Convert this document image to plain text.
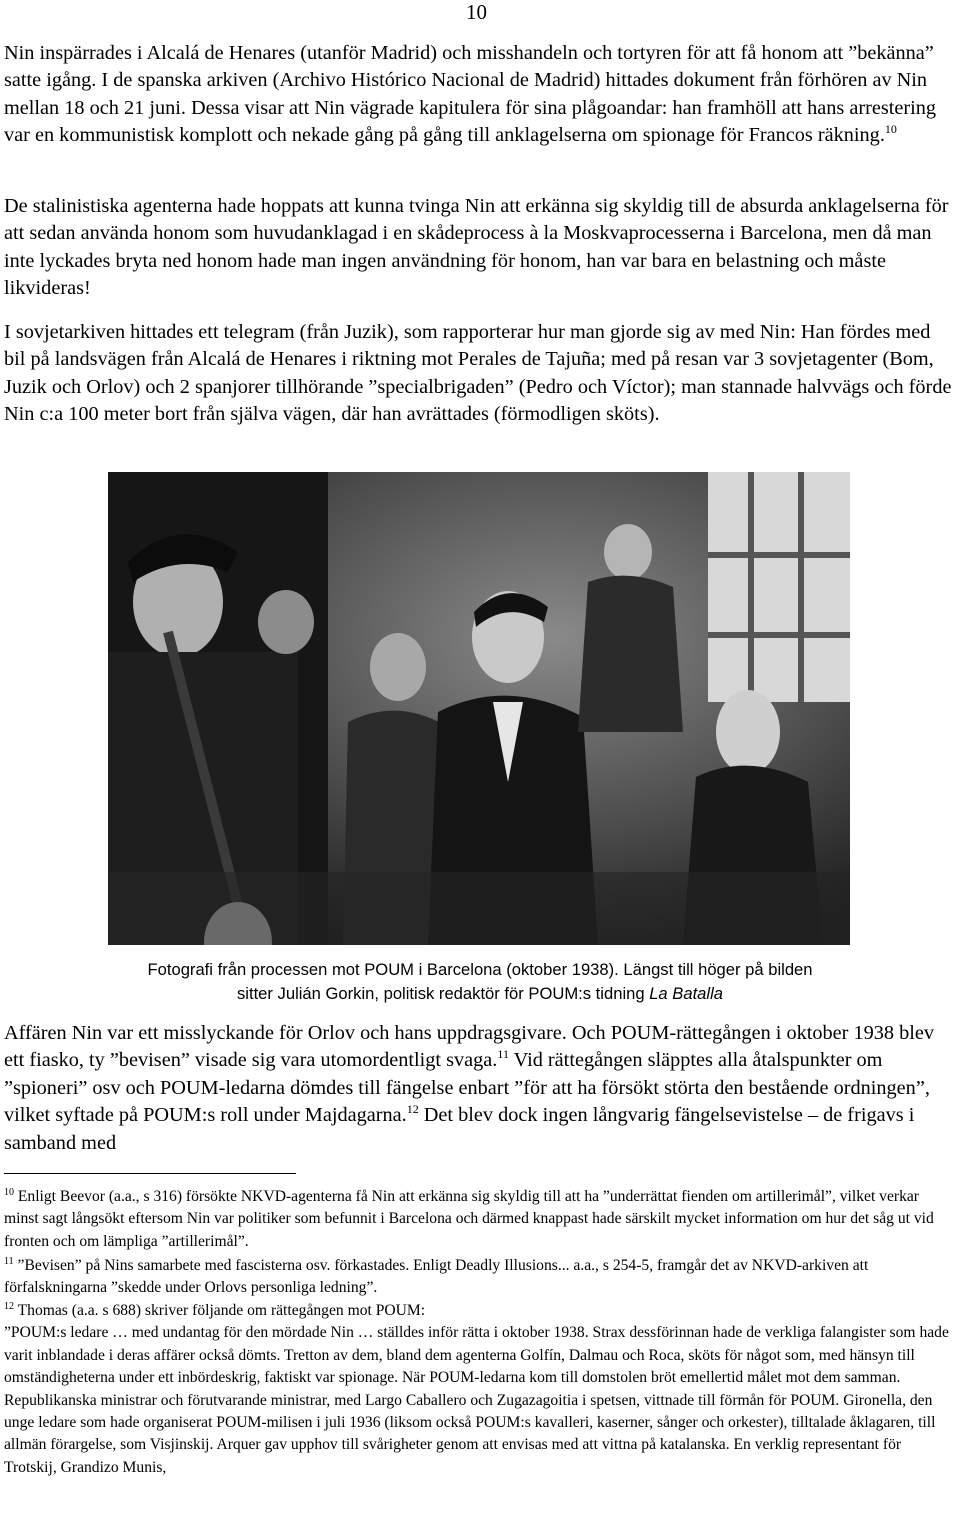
10

Nin inspärrades i Alcalá de Henares (utanför Madrid) och misshandeln och tortyren för att få honom att ”bekänna” satte igång. I de spanska arkiven (Archivo Histórico Nacional de Madrid) hittades dokument från förhören av Nin mellan 18 och 21 juni. Dessa visar att Nin vägrade kapitulera för sina plågoandar: han framhöll att hans arrestering var en kommunistisk komplott och nekade gång på gång till anklagelserna om spionage för Francos räkning.$^{10}$

De stalinistiska agenterna hade hoppats att kunna tvinga Nin att erkänna sig skyldig till de absurda anklagelserna för att sedan använda honom som huvudanklagad i en skådeprocess à la Moskvaprocesserna i Barcelona, men då man inte lyckades bryta ned honom hade man ingen användning för honom, han var bara en belastning och måste likvideras!

I sovjetarkiven hittades ett telegram (från Juzik), som rapporterar hur man gjorde sig av med Nin: Han fördes med bil på landsvägen från Alcalá de Henares i riktning mot Perales de Tajuña; med på resan var 3 sovjetagenter (Bom, Juzik och Orlov) och 2 spanjorer tillhörande ”specialbrigaden” (Pedro och Víctor); man stannade halvvägs och förde Nin c:a 100 meter bort från själva vägen, där han avrättades (förmodligen sköts).

Fotografi från processen mot POUM i Barcelona (oktober 1938). Längst till höger på bilden
sitter Julián Gorkin, politisk redaktör för POUM:s tidning La Batalla

Affären Nin var ett misslyckande för Orlov och hans uppdragsgivare. Och POUM-rättegången i oktober 1938 blev ett fiasko, ty ”bevisen” visade sig vara utomordentligt svaga.$^{11}$ Vid rättegången släpptes alla åtalspunkter om ”spioneri” osv och POUM-ledarna dömdes till fängelse enbart ”för att ha försökt störta den bestående ordningen”, vilket syftade på POUM:s roll under Majdagarna.$^{12}$ Det blev dock ingen långvarig fängelsevistelse – de frigavs i samband med

$^{10}$ Enligt Beevor (a.a., s 316) försökte NKVD-agenterna få Nin att erkänna sig skyldig till att ha ”underrättat fienden om artillerimål”, vilket verkar minst sagt långsökt eftersom Nin var politiker som befunnit i Barcelona och därmed knappast hade särskilt mycket information om hur det såg ut vid fronten och om lämpliga ”artillerimål”.

$^{11}$ ”Bevisen” på Nins samarbete med fascisterna osv. förkastades. Enligt Deadly Illusions... a.a., s 254-5, framgår det av NKVD-arkiven att förfalskningarna ”skedde under Orlovs personliga ledning”.

$^{12}$ Thomas (a.a. s 688) skriver följande om rättegången mot POUM:
”POUM:s ledare … med undantag för den mördade Nin … ställdes inför rätta i oktober 1938. Strax dessförinnan hade de verkliga falangister som hade varit inblandade i deras affärer också dömts. Tretton av dem, bland dem agenterna Golfín, Dalmau och Roca, sköts för något som, med hänsyn till omständigheterna under ett inbördeskrig, faktiskt var spionage. När POUM-ledarna kom till domstolen bröt emellertid målet mot dem samman. Republikanska ministrar och förutvarande ministrar, med Largo Caballero och Zugazagoitia i spetsen, vittnade till förmån för POUM. Gironella, den unge ledare som hade organiserat POUM-milisen i juli 1936 (liksom också POUM:s kavalleri, kaserner, sånger och orkester), tilltalade åklagaren, till allmän förargelse, som Visjinskij. Arquer gav upphov till svårigheter genom att envisas med att vittna på katalanska. En verklig representant för Trotskij, Grandizo Munis,
